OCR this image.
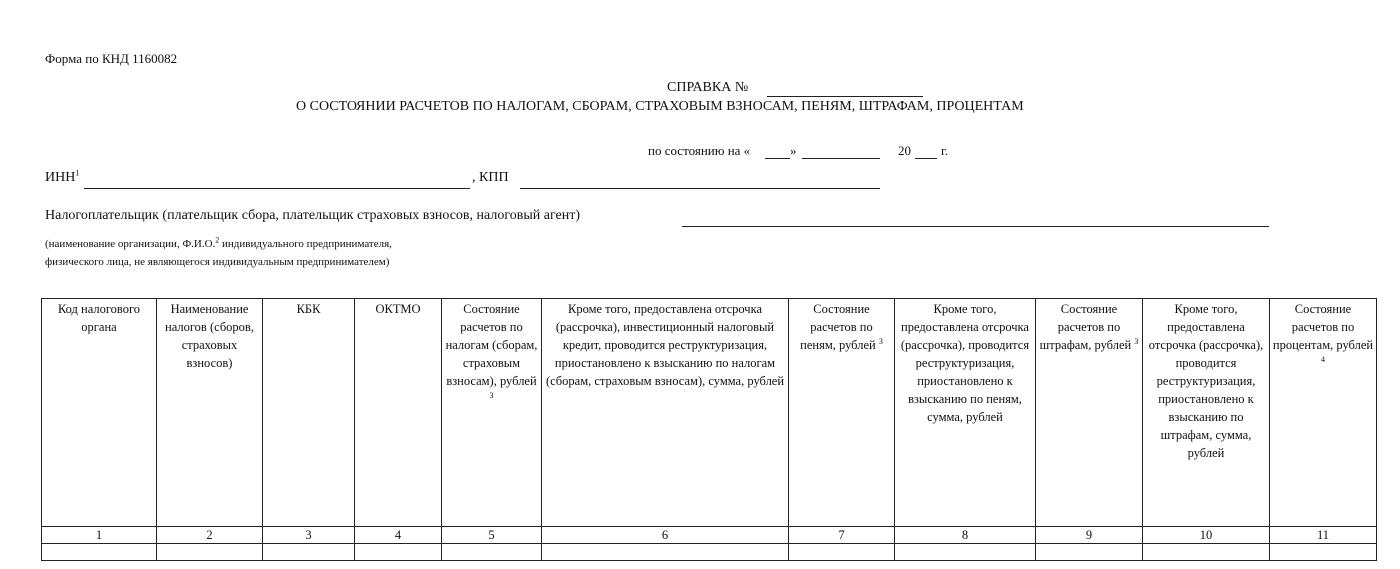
Форма по КНД 1160082
СПРАВКА №
О СОСТОЯНИИ РАСЧЕТОВ ПО НАЛОГАМ, СБОРАМ, СТРАХОВЫМ ВЗНОСАМ, ПЕНЯМ, ШТРАФАМ, ПРОЦЕНТАМ
по состоянию на «	»	20 г.
ИНН$^1$	, КПП
Налогоплательщик (плательщик сбора, плательщик страховых взносов, налоговый агент)
(наименование организации, Ф.И.О.$^2$ индивидуального предпринимателя,
физического лица, не являющегося индивидуальным предпринимателем)
Код налогового органа	Наименование налогов (сборов, страховых взносов)	КБК	ОКТМО	Состояние расчетов по налогам (сборам, страховым взносам), рублей $^3$	Кроме того, предоставлена отсрочка (рассрочка), инвестиционный налоговый кредит, проводится реструктуризация, приостановлено к взысканию по налогам (сборам, страховым взносам), сумма, рублей	Состояние расчетов по пеням, рублей $^3$	Кроме того, предоставлена отсрочка (рассрочка), проводится реструктуризация, приостановлено к взысканию по пеням, сумма, рублей	Состояние расчетов по штрафам, рублей $^3$	Кроме того, предоставлена отсрочка (рассрочка), проводится реструктуризация, приостановлено к взысканию по штрафам, сумма, рублей	Состояние расчетов по процентам, рублей $^4$
1	2	3	4	5	6	7	8	9	10	11
